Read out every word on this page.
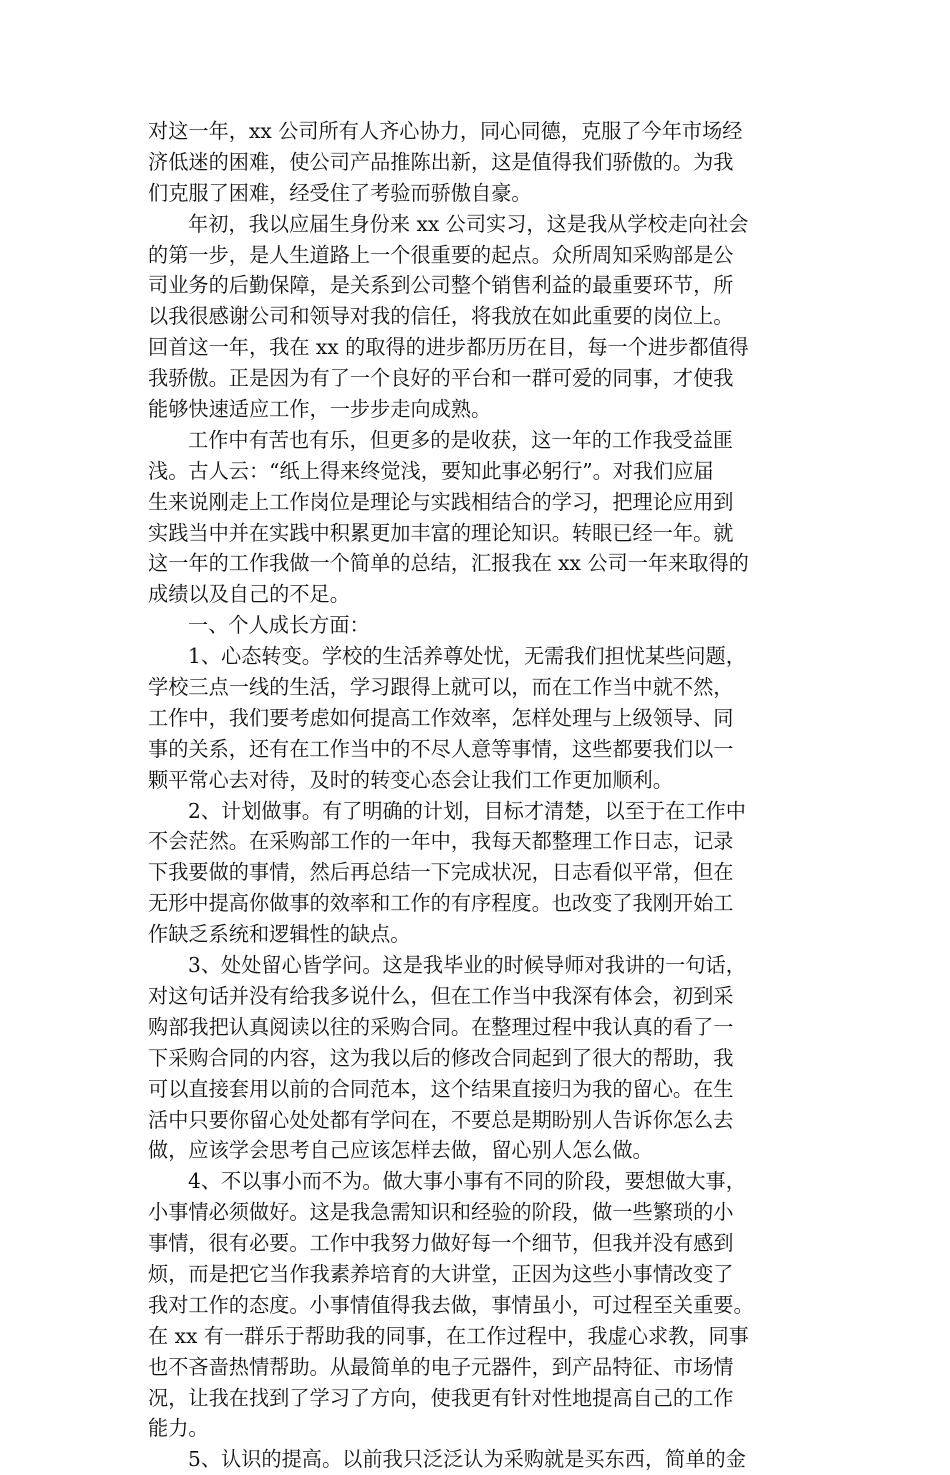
对这一年，xx 公司所有人齐心协力，同心同德，克服了今年市场经
济低迷的困难，使公司产品推陈出新，这是值得我们骄傲的。为我
们克服了困难，经受住了考验而骄傲自豪。
年初，我以应届生身份来 xx 公司实习，这是我从学校走向社会
的第一步，是人生道路上一个很重要的起点。众所周知采购部是公
司业务的后勤保障，是关系到公司整个销售利益的最重要环节，所
以我很感谢公司和领导对我的信任，将我放在如此重要的岗位上。
回首这一年，我在 xx 的取得的进步都历历在目，每一个进步都值得
我骄傲。正是因为有了一个良好的平台和一群可爱的同事，才使我
能够快速适应工作，一步步走向成熟。
工作中有苦也有乐，但更多的是收获，这一年的工作我受益匪
浅。古人云：“纸上得来终觉浅，要知此事必躬行”。对我们应届
生来说刚走上工作岗位是理论与实践相结合的学习，把理论应用到
实践当中并在实践中积累更加丰富的理论知识。转眼已经一年。就
这一年的工作我做一个简单的总结，汇报我在 xx 公司一年来取得的
成绩以及自己的不足。
一、个人成长方面：
1、心态转变。学校的生活养尊处忧，无需我们担忧某些问题，
学校三点一线的生活，学习跟得上就可以，而在工作当中就不然，
工作中，我们要考虑如何提高工作效率，怎样处理与上级领导、同
事的关系，还有在工作当中的不尽人意等事情，这些都要我们以一
颗平常心去对待，及时的转变心态会让我们工作更加顺利。
2、计划做事。有了明确的计划，目标才清楚，以至于在工作中
不会茫然。在采购部工作的一年中，我每天都整理工作日志，记录
下我要做的事情，然后再总结一下完成状况，日志看似平常，但在
无形中提高你做事的效率和工作的有序程度。也改变了我刚开始工
作缺乏系统和逻辑性的缺点。
3、处处留心皆学问。这是我毕业的时候导师对我讲的一句话，
对这句话并没有给我多说什么，但在工作当中我深有体会，初到采
购部我把认真阅读以往的采购合同。在整理过程中我认真的看了一
下采购合同的内容，这为我以后的修改合同起到了很大的帮助，我
可以直接套用以前的合同范本，这个结果直接归为我的留心。在生
活中只要你留心处处都有学问在，不要总是期盼别人告诉你怎么去
做，应该学会思考自己应该怎样去做，留心别人怎么做。
4、不以事小而不为。做大事小事有不同的阶段，要想做大事，
小事情必须做好。这是我急需知识和经验的阶段，做一些繁琐的小
事情，很有必要。工作中我努力做好每一个细节，但我并没有感到
烦，而是把它当作我素养培育的大讲堂，正因为这些小事情改变了
我对工作的态度。小事情值得我去做，事情虽小，可过程至关重要。
在 xx 有一群乐于帮助我的同事，在工作过程中，我虚心求教，同事
也不吝啬热情帮助。从最简单的电子元器件，到产品特征、市场情
况，让我在找到了学习了方向，使我更有针对性地提高自己的工作
能力。
5、认识的提高。以前我只泛泛认为采购就是买东西，简单的金
